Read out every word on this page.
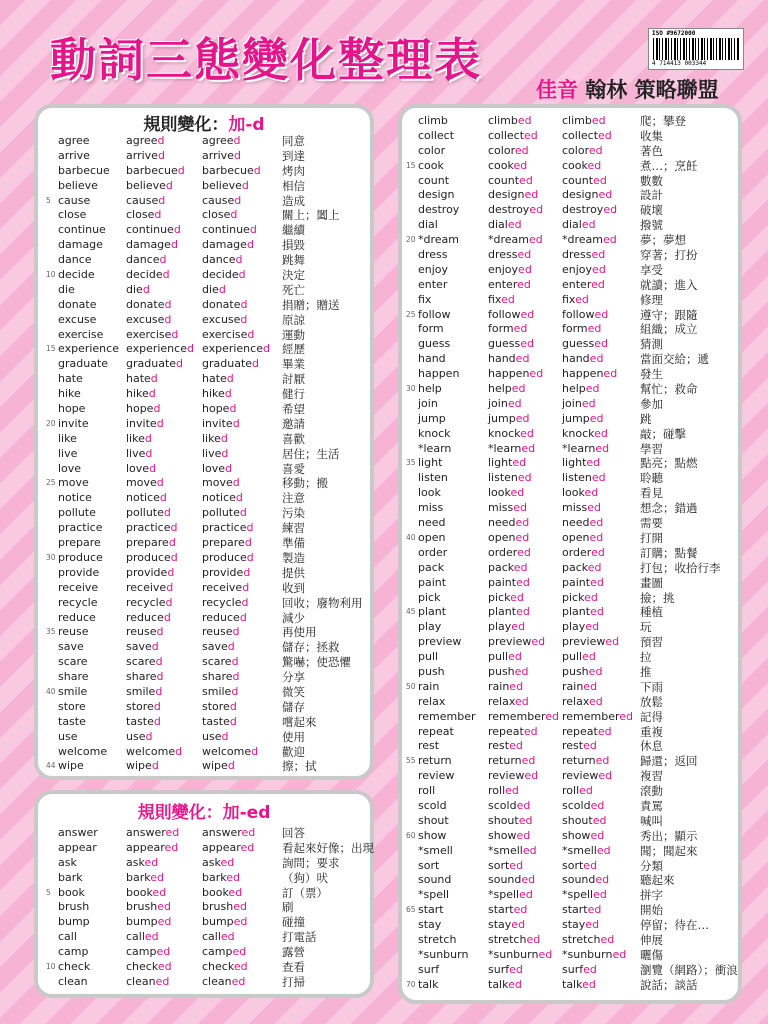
動詞三態變化整理表	ISO #9672000
4 714413 003344
佳音 翰林 策略聯盟
規則變化：加-d
agree	agreed	agreed	同意
arrive	arrived	arrived	到達
barbecue barbecued barbecued 烤肉
believe	believed	believed	相信
5 cause	caused	caused	造成
close	closed	closed	關上；闔上
continue continued continued 繼續
damage damaged damaged 損毀
dance	danced	danced	跳舞
10 decide	decided	decided	決定
die	died	died	死亡
donate	donated	donated	捐贈；贈送
excuse	excused	excused	原諒
exercise exercised exercised 運動
15 experience experienced experienced 經歷
graduate graduated graduated 畢業
hate	hated	hated	討厭
hike	hiked	hiked	健行
hope	hoped	hoped	希望
20 invite	invited	invited	邀請
like	liked	liked	喜歡
live	lived	lived	居住；生活
love	loved	loved	喜愛
25 move	moved	moved	移動；搬
notice	noticed	noticed	注意
pollute	polluted	polluted	污染
practice practiced practiced 練習
prepare prepared prepared	準備
30 produce produced produced 製造
provide provided	provided	提供
receive	received	received	收到
recycle	recycled	recycled	回收；廢物利用
reduce	reduced	reduced	減少
35 reuse	reused	reused	再使用
save	saved	saved	儲存；拯救
scare	scared	scared	驚嚇；使恐懼
share	shared	shared	分享
40 smile	smiled	smiled	微笑
store	stored	stored	儲存
taste	tasted	tasted	嚐起來
use	used	used	使用
welcome welcomed welcomed 歡迎
44 wipe	wiped	wiped	擦；拭
規則變化：加-ed
answer	answered answered 回答
appear	appeared appeared 看起來好像；出現
ask	asked	asked	詢問；要求
bark	barked	barked	（狗）吠
5 book	booked	booked	訂（票）
brush	brushed	brushed	刷
bump	bumped	bumped	碰撞
call	called	called	打電話
camp	camped	camped	露營
10 check	checked	checked	查看
clean	cleaned	cleaned	打掃
climb	climbed	climbed	爬；攀登
collect	collected collected 收集
color	colored	colored	著色
15 cook	cooked	cooked	煮…；烹飪
count	counted	counted	數數
design	designed designed 設計
destroy	destroyed destroyed 破壞
dial	dialed	dialed	撥號
20 *dream	*dreamed *dreamed 夢；夢想
dress	dressed	dressed	穿著；打扮
enjoy	enjoyed	enjoyed	享受
enter	entered	entered	就讀；進入
fix	fixed	fixed	修理
25 follow	followed	followed	遵守；跟隨
form	formed	formed	組織；成立
guess	guessed	guessed	猜測
hand	handed	handed	當面交給；遞
happen	happened happened 發生
30 help	helped	helped	幫忙；救命
join	joined	joined	參加
jump	jumped	jumped	跳
knock	knocked	knocked	敲；碰擊
*learn	*learned *learned	學習
35 light	lighted	lighted	點亮；點燃
listen	listened	listened	聆聽
look	looked	looked	看見
miss	missed	missed	想念；錯過
need	needed	needed	需要
40 open	opened	opened	打開
order	ordered	ordered	訂購；點餐
pack	packed	packed	打包；收拾行李
paint	painted	painted	畫圖
pick	picked	picked	撿；挑
45 plant	planted	planted	種植
play	played	played	玩
preview previewed previewed 預習
pull	pulled	pulled	拉
push	pushed	pushed	推
50 rain	rained	rained	下雨
relax	relaxed	relaxed	放鬆
remember remembered remembered 記得
repeat	repeated repeated 重複
rest	rested	rested	休息
55 return	returned returned	歸還；返回
review	reviewed reviewed 複習
roll	rolled	rolled	滾動
scold	scolded	scolded	責罵
shout	shouted	shouted	喊叫
60 show	showed	showed	秀出；顯示
*smell	*smelled *smelled	聞；聞起來
sort	sorted	sorted	分類
sound	sounded sounded	聽起來
*spell	*spelled	*spelled	拼字
65 start	started	started	開始
stay	stayed	stayed	停留；待在…
stretch	stretched stretched 伸展
*sunburn *sunburned *sunburned 曬傷
surf	surfed	surfed	瀏覽（網路）；衝浪
70 talk	talked	talked	說話；談話
